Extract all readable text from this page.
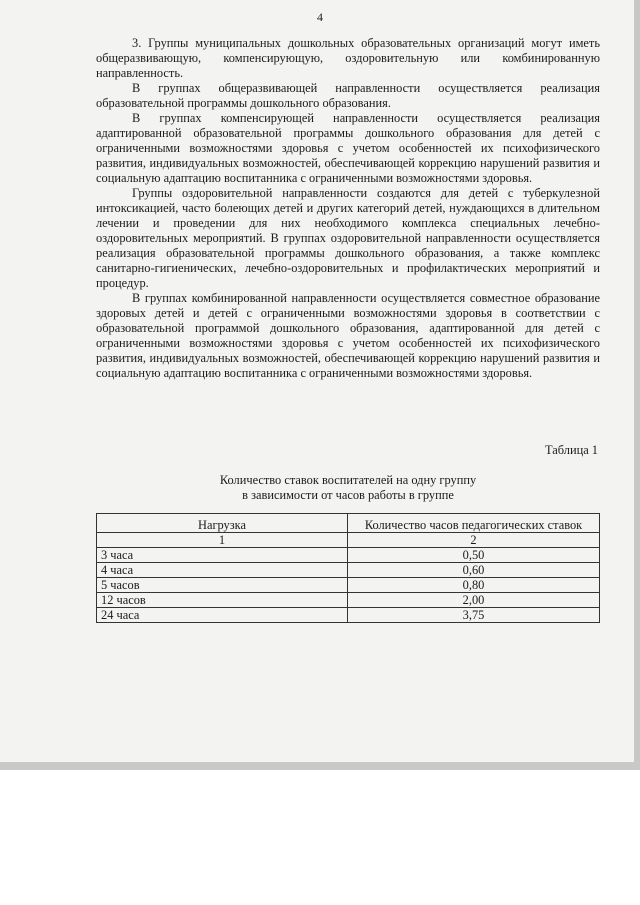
4

3. Группы муниципальных дошкольных образовательных организаций могут иметь общеразвивающую, компенсирующую, оздоровительную или комбинированную направленность.

В группах общеразвивающей направленности осуществляется реализация образовательной программы дошкольного образования.

В группах компенсирующей направленности осуществляется реализация адаптированной образовательной программы дошкольного образования для детей с ограниченными возможностями здоровья с учетом особенностей их психофизического развития, индивидуальных возможностей, обеспечивающей коррекцию нарушений развития и социальную адаптацию воспитанника с ограниченными возможностями здоровья.

Группы оздоровительной направленности создаются для детей с туберкулезной интоксикацией, часто болеющих детей и других категорий детей, нуждающихся в длительном лечении и проведении для них необходимого комплекса специальных лечебно-оздоровительных мероприятий. В группах оздоровительной направленности осуществляется реализация образовательной программы дошкольного образования, а также комплекс санитарно-гигиенических, лечебно-оздоровительных и профилактических мероприятий и процедур.

В группах комбинированной направленности осуществляется совместное образование здоровых детей и детей с ограниченными возможностями здоровья в соответствии с образовательной программой дошкольного образования, адаптированной для детей с ограниченными возможностями здоровья с учетом особенностей их психофизического развития, индивидуальных возможностей, обеспечивающей коррекцию нарушений развития и социальную адаптацию воспитанника с ограниченными возможностями здоровья.

Таблица 1
Количество ставок воспитателей на одну группу
в зависимости от часов работы в группе
Нагрузка	Количество часов педагогических ставок
1	2
3 часа	0,50
4 часа	0,60
5 часов	0,80
12 часов	2,00
24 часа	3,75
